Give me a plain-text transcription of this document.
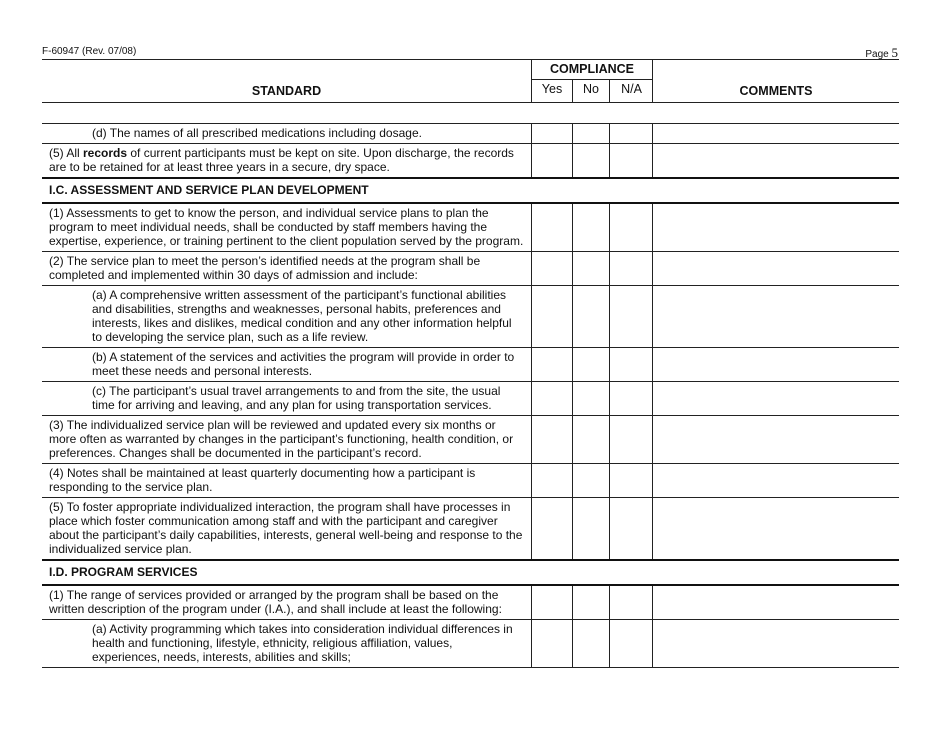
F-60947 (Rev. 07/08)	Page 5
STANDARD
COMPLIANCE
Yes	No	N/A	COMMENTS
(d) The names of all prescribed medications including dosage.				
(5) All records of current participants must be kept on site. Upon discharge, the records are to be retained for at least three years in a secure, dry space.				
I.C. ASSESSMENT AND SERVICE PLAN DEVELOPMENT				
(1) Assessments to get to know the person, and individual service plans to plan the program to meet individual needs, shall be conducted by staff members having the expertise, experience, or training pertinent to the client population served by the program.				
(2) The service plan to meet the person’s identified needs at the program shall be completed and implemented within 30 days of admission and include:				
(a) A comprehensive written assessment of the participant’s functional abilities and disabilities, strengths and weaknesses, personal habits, preferences and interests, likes and dislikes, medical condition and any other information helpful to developing the service plan, such as a life review.				
(b) A statement of the services and activities the program will provide in order to meet these needs and personal interests.				
(c) The participant’s usual travel arrangements to and from the site, the usual time for arriving and leaving, and any plan for using transportation services.				
(3) The individualized service plan will be reviewed and updated every six months or more often as warranted by changes in the participant’s functioning, health condition, or preferences. Changes shall be documented in the participant’s record.				
(4) Notes shall be maintained at least quarterly documenting how a participant is responding to the service plan.				
(5) To foster appropriate individualized interaction, the program shall have processes in place which foster communication among staff and with the participant and caregiver about the participant’s daily capabilities, interests, general well-being and response to the individualized service plan.				
I.D. PROGRAM SERVICES				
(1) The range of services provided or arranged by the program shall be based on the written description of the program under (I.A.), and shall include at least the following:				
(a) Activity programming which takes into consideration individual differences in health and functioning, lifestyle, ethnicity, religious affiliation, values, experiences, needs, interests, abilities and skills;				
